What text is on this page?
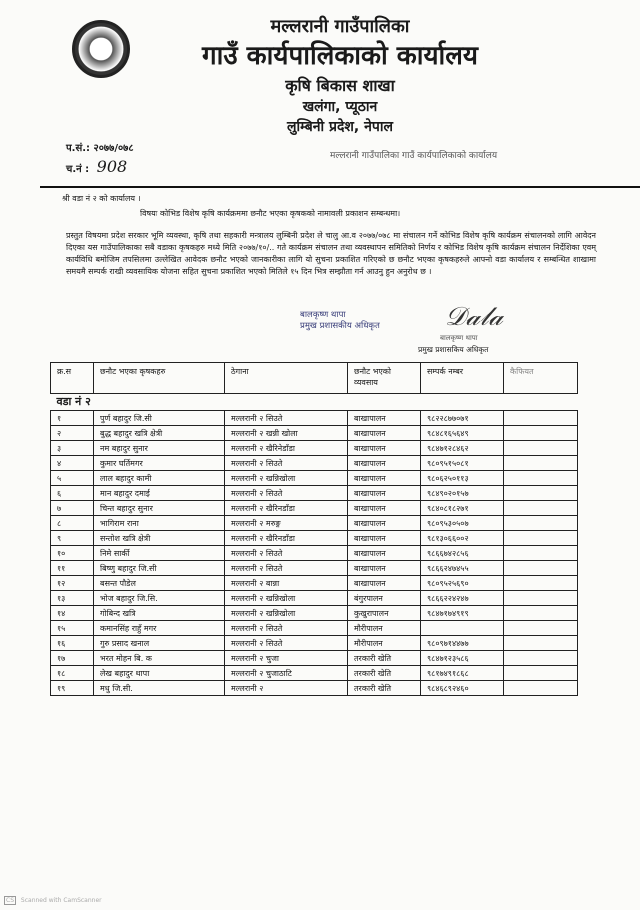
मल्लरानी गाउँपालिका
गाउँ कार्यपालिकाको कार्यालय
कृषि बिकास शाखा
खलंगा, प्यूठान
लुम्बिनी प्रदेश, नेपाल
प.सं.: २०७७/०७८
च.नं : 908
मल्लरानी गाउँपालिका गाउँ कार्यपालिकाको कार्यालय
श्री वडा नं २ को कार्यालय ।
विषयः कोभिड विशेष कृषि कार्यक्रममा छनौट भएका कृषकको नामावली प्रकाशन सम्बन्धमा।
प्रस्तुत विषयमा प्रदेश सरकार भूमि व्यवस्था, कृषि तथा सहकारी मन्त्रालय लुम्बिनी प्रदेश ले चालु आ.व २०७७/०७८ मा संचालन गर्ने कोभिड विशेष कृषि कार्यक्रम संचालनको लागि आवेदन दिएका यस गाउँपालिकाका सबै वडाका कृषकहरु मध्ये मिति २०७७/१०/.. गते कार्यक्रम संचालन तथा व्यवस्थापन समितिको निर्णय र कोभिड विशेष कृषि कार्यक्रम संचालन निर्देशिका एवम् कार्यविधि बमोजिम तपसिलमा उल्लेखित आवेदक छनौट भएको जानकारीका लागि यो सुचना प्रकाशित गरिएको छ छनौट भएका कृषकहरुले आफ्नो वडा कार्यालय र सम्बन्धित शाखामा समयमै सम्पर्क राखी व्यवसायिक योजना सहित सुचना प्रकाशित भएको मितिले १५ दिन भित्र सम्झौता गर्न आउनु हुन अनुरोध छ ।
बालकृष्ण थापा
प्रमुख प्रशासकीय अधिकृत	𝒟𝒶𝓁𝒶
बालकृष्ण थापा
प्रमुख प्रशासकिय अधिकृत
क्र.स	छनौट भएका कृषकहरु	ठेगाना	छनौट भएको व्यवसाय	सम्पर्क नम्बर	कैफियत
वडा नं २					
१	पुर्ण बहादुर जि.सी	मल्लरानी २ सिउते	बाखापालन	९८२२८७७०७१	
२	बुद्ध बहादुर खत्रि क्षेत्री	मल्लरानी २ खन्नी खोला	बाखापालन	९८४८१६५६४९	
३	नम बहादुर सुनार	मल्लरानी २ खैरिनेडाँडा	बाखापालन	९८४७१२८४६२	
४	कुमार घर्तिमगर	मल्लरानी २ सिउते	बाखापालन	९८०९५१५०८१	
५	लाल बहादुर कामी	मल्लरानी २ खन्निखोला	बाखापालन	९८०६२५०११३	
६	मान बहादुर दमाई	मल्लरानी २ सिउते	बाखापालन	९८४९०२०१५७	
७	चिन्त बहादुर सुनार	मल्लरानी २ खैरिनडाँडा	बाखापालन	९८४०८१८२७१	
८	भागिराम राना	मल्लरानी २ मरुङ्ग	बाखापालन	९८०९५३०५०७	
९	सन्तोश खत्रि क्षेत्री	मल्लरानी २ खैरिनडाँडा	बाखापालन	९८१३०६६००२	
१०	निमे सार्की	मल्लरानी २ सिउते	बाखापालन	९८६६७४२८५६	
११	बिष्णु बहादुर जि.सी	मल्लरानी २ सिउते	बाखापालन	९८६६२४७४५५	
१२	बसन्त पौडेल	मल्लरानी २ बान्ना	बाखापालन	९८०९५२५६९०	
१३	भोज बहादुर जि.सि.	मल्लरानी २ खन्निखोला	बंगुरपालन	९८६६२२४२४७	
१४	गोबिन्द खत्रि	मल्लरानी २ खन्निखोला	कुखुरापालन	९८४७१७४९१९	
१५	कमानसिंह राहुँ मगर	मल्लरानी २ सिउते	मौरीपालन		
१६	गुरु प्रसाद खनाल	मल्लरानी २ सिउते	मौरीपालन	९८०९७१४४७७	
१७	भरत मोहन बि. क	मल्लरानी २ चुजा	तरकारी खेति	९८४७१२३५८६	
१८	लेख बहादुर थापा	मल्लरानी २ चुजाठाटि	तरकारी खेति	९८१७४९१८६८	
१९	मधु जि.सी.	मल्लरानी २	तरकारी खेति	९८४६८९२४६०	
CS Scanned with CamScanner
